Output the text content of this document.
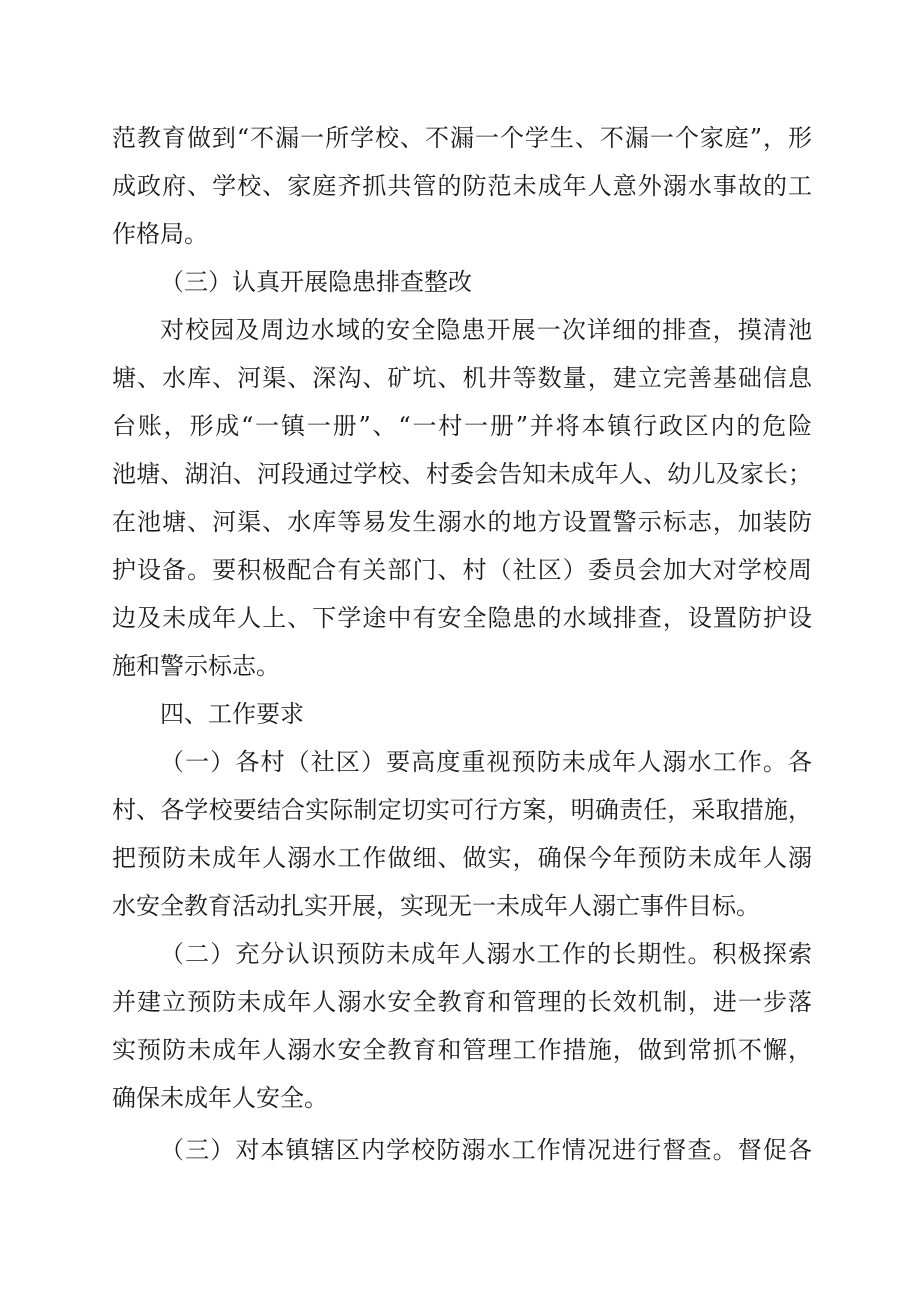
范教育做到“不漏一所学校、不漏一个学生、不漏一个家庭”，形
成政府、学校、家庭齐抓共管的防范未成年人意外溺水事故的工
作格局。
（三）认真开展隐患排查整改
对校园及周边水域的安全隐患开展一次详细的排查，摸清池
塘、水库、河渠、深沟、矿坑、机井等数量，建立完善基础信息
台账，形成“一镇一册”、“一村一册”并将本镇行政区内的危险
池塘、湖泊、河段通过学校、村委会告知未成年人、幼儿及家长；
在池塘、河渠、水库等易发生溺水的地方设置警示标志，加装防
护设备。要积极配合有关部门、村（社区）委员会加大对学校周
边及未成年人上、下学途中有安全隐患的水域排查，设置防护设
施和警示标志。
四、工作要求
（一）各村（社区）要高度重视预防未成年人溺水工作。各
村、各学校要结合实际制定切实可行方案，明确责任，采取措施，
把预防未成年人溺水工作做细、做实，确保今年预防未成年人溺
水安全教育活动扎实开展，实现无一未成年人溺亡事件目标。
（二）充分认识预防未成年人溺水工作的长期性。积极探索
并建立预防未成年人溺水安全教育和管理的长效机制，进一步落
实预防未成年人溺水安全教育和管理工作措施，做到常抓不懈，
确保未成年人安全。
（三）对本镇辖区内学校防溺水工作情况进行督查。督促各
